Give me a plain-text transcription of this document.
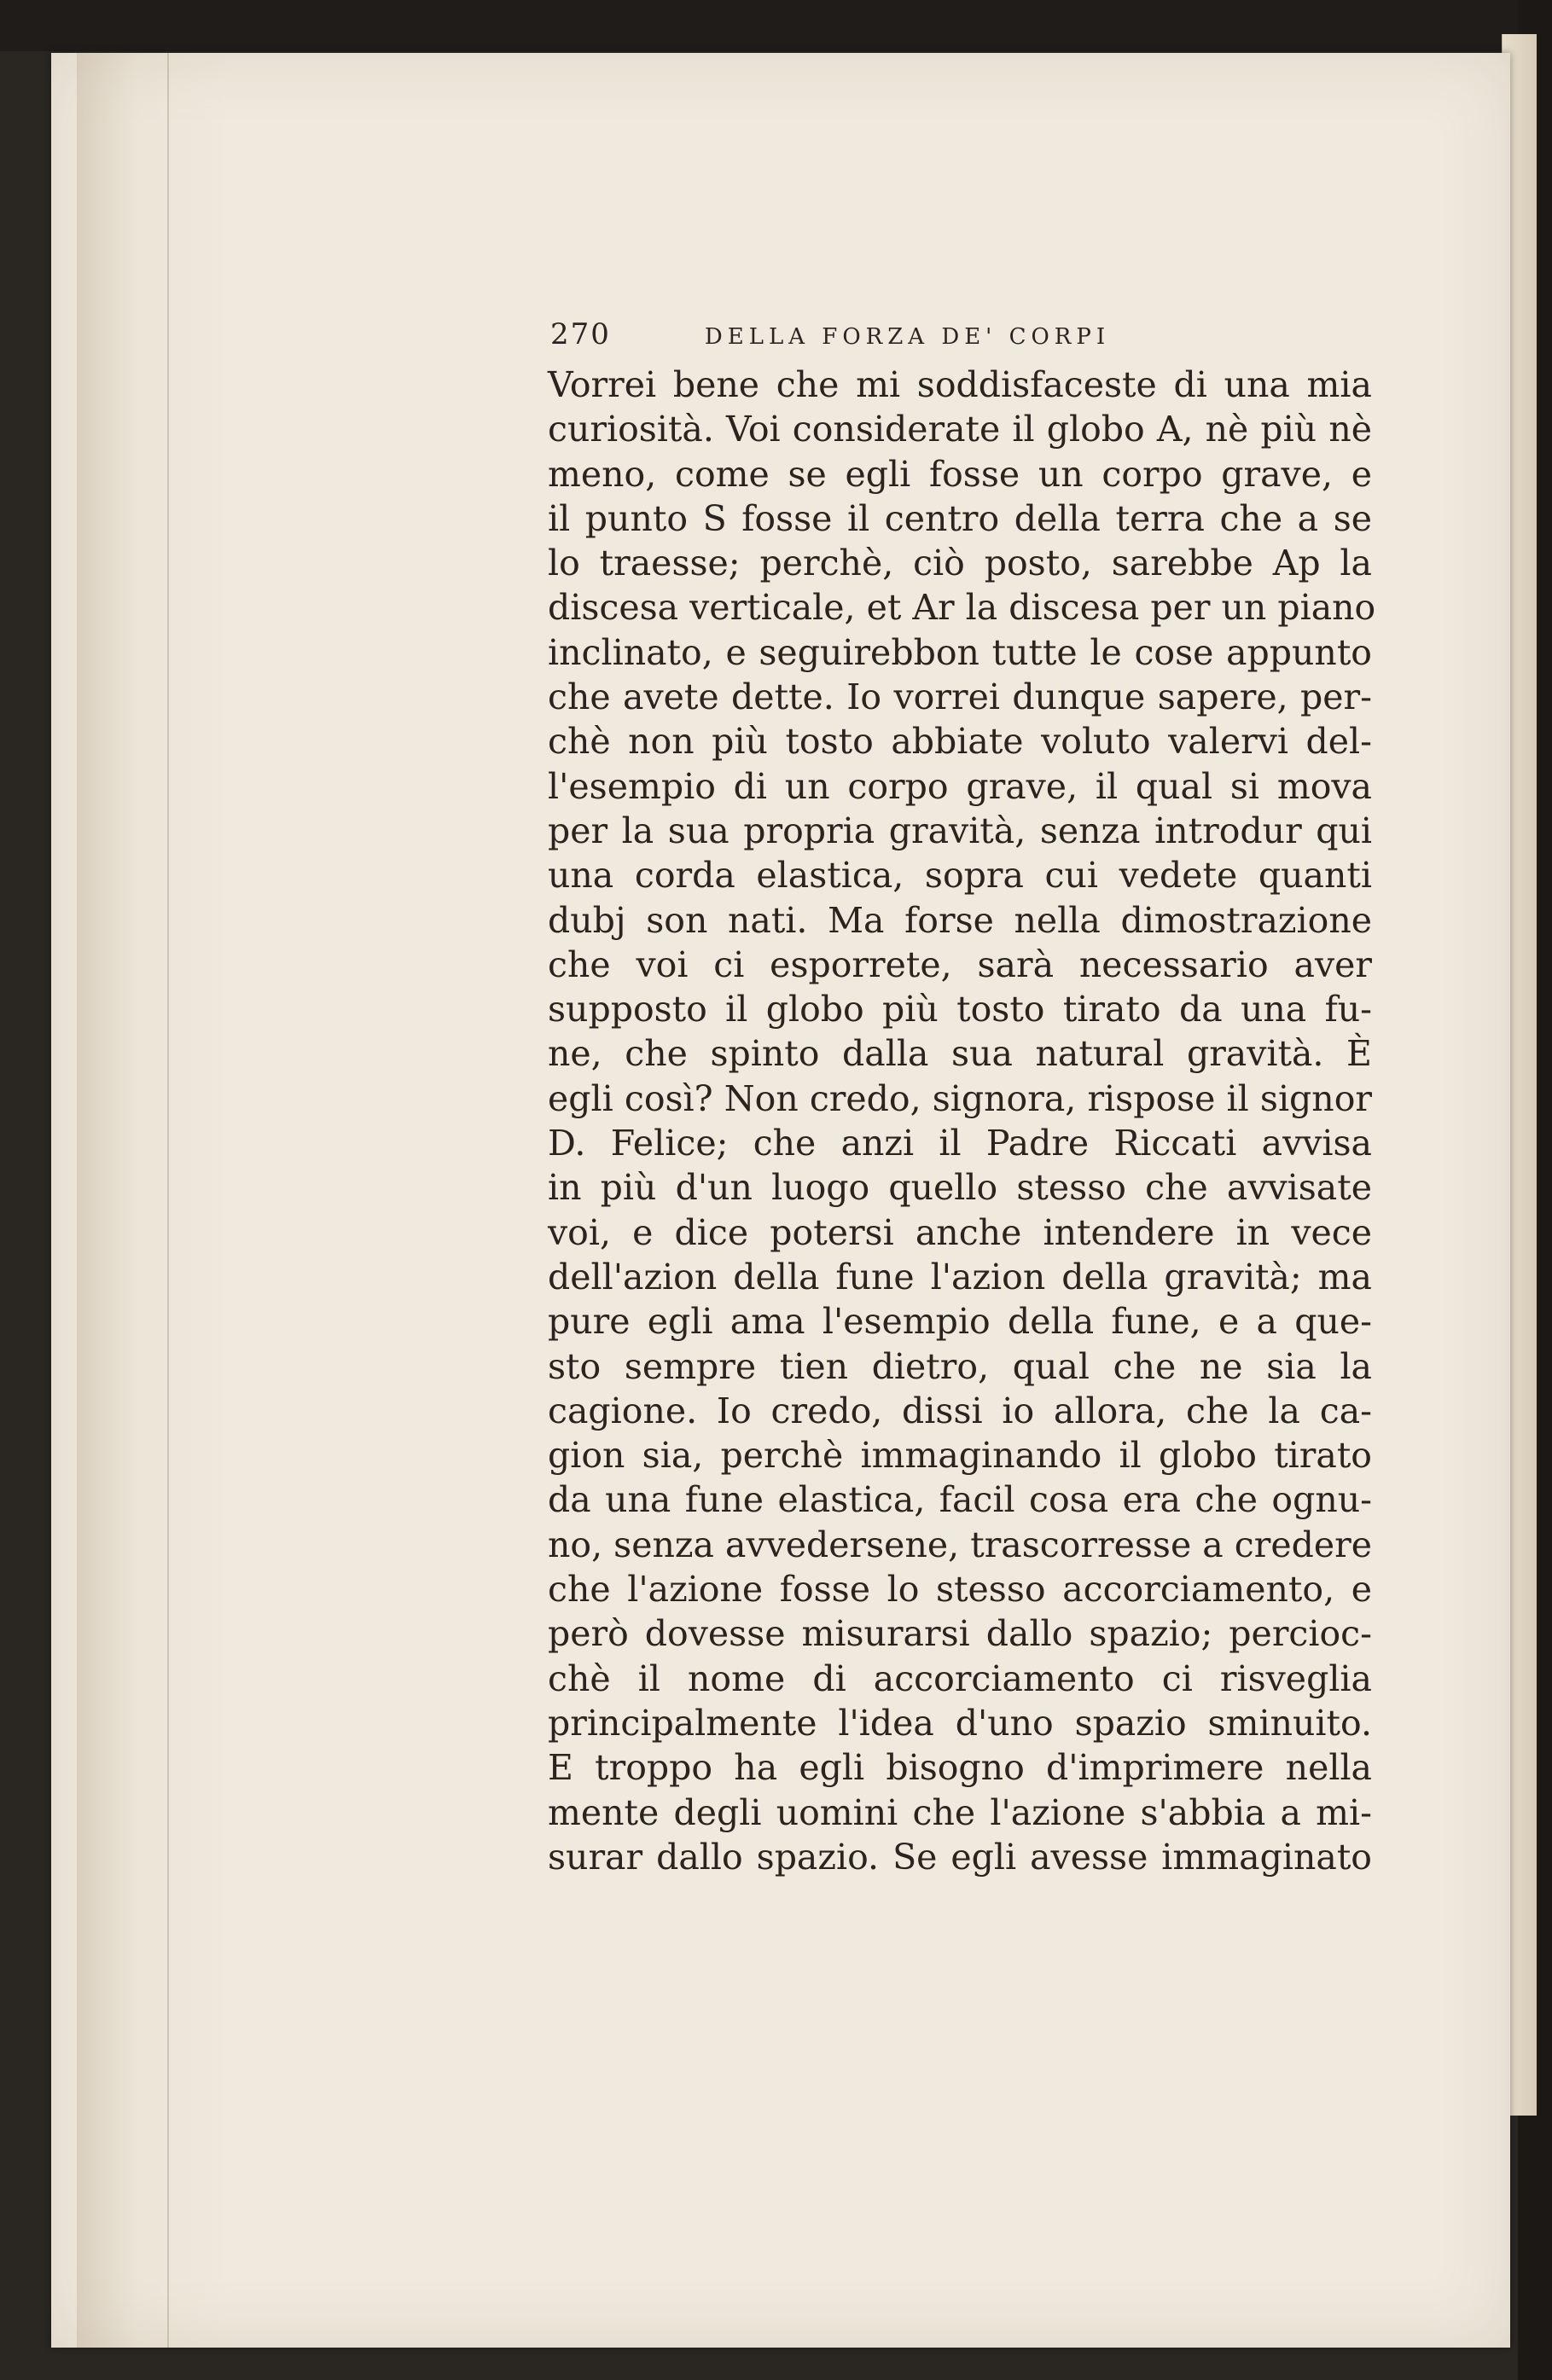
270	DELLA FORZA DE' CORPI
Vorrei bene che mi soddisfaceste di una mia
curiosità. Voi considerate il globo A, nè più nè
meno, come se egli fosse un corpo grave, e
il punto S fosse il centro della terra che a se
lo traesse; perchè, ciò posto, sarebbe Ap la
discesa verticale, et Ar la discesa per un piano
inclinato, e seguirebbon tutte le cose appunto
che avete dette. Io vorrei dunque sapere, per-
chè non più tosto abbiate voluto valervi del-
l'esempio di un corpo grave, il qual si mova
per la sua propria gravità, senza introdur qui
una corda elastica, sopra cui vedete quanti
dubj son nati. Ma forse nella dimostrazione
che voi ci esporrete, sarà necessario aver
supposto il globo più tosto tirato da una fu-
ne, che spinto dalla sua natural gravità. È
egli così? Non credo, signora, rispose il signor
D. Felice; che anzi il Padre Riccati avvisa
in più d'un luogo quello stesso che avvisate
voi, e dice potersi anche intendere in vece
dell'azion della fune l'azion della gravità; ma
pure egli ama l'esempio della fune, e a que-
sto sempre tien dietro, qual che ne sia la
cagione. Io credo, dissi io allora, che la ca-
gion sia, perchè immaginando il globo tirato
da una fune elastica, facil cosa era che ognu-
no, senza avvedersene, trascorresse a credere
che l'azione fosse lo stesso accorciamento, e
però dovesse misurarsi dallo spazio; percioc-
chè il nome di accorciamento ci risveglia
principalmente l'idea d'uno spazio sminuito.
E troppo ha egli bisogno d'imprimere nella
mente degli uomini che l'azione s'abbia a mi-
surar dallo spazio. Se egli avesse immaginato
